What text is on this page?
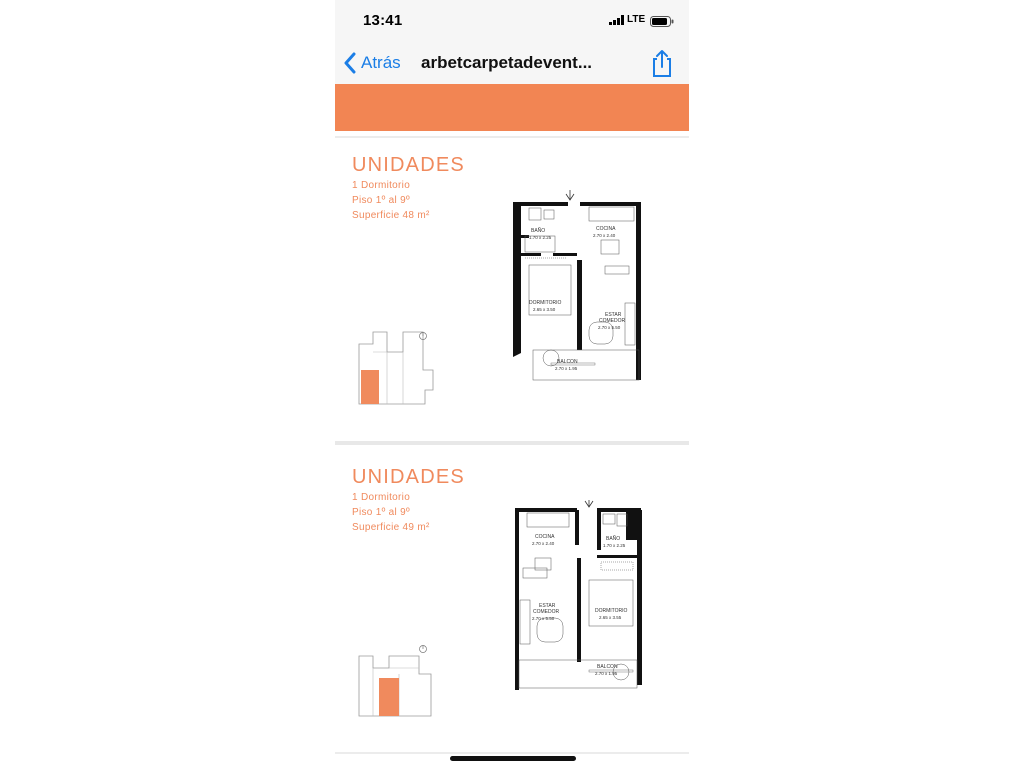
13:41	LTE
Atrás arbetcarpetadevent...
UNIDADES
1 Dormitorio
Piso 1º al 9º
Superficie 48 m²
BAÑO
1.70 x 2.25
COCINA
2.70 x 2.40
DORMITORIO
2.65 x 3.50
ESTAR
COMEDOR
2.70 x 5.50
BALCON
2.70 x 1.95
UNIDADES
1 Dormitorio
Piso 1º al 9º
Superficie 49 m²
COCINA
2.70 x 2.40
BAÑO
1.70 x 2.25
ESTAR
COMEDOR
2.70 x 5.50
DORMITORIO
2.65 x 3.55
BALCON
2.70 x 1.95
